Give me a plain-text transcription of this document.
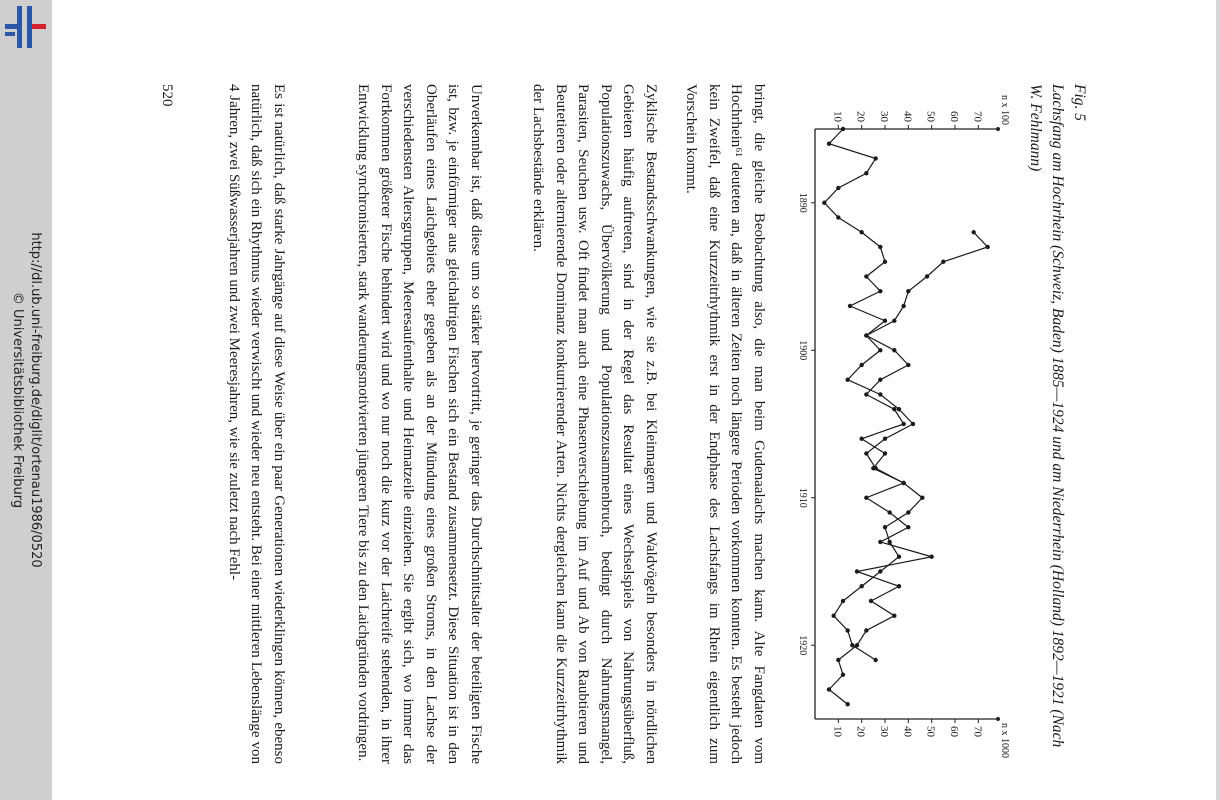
http://dl.ub.uni-freiburg.de/diglit/ortenau1986/0520
© Universitätsbibliothek Freiburg
Fig. 5
Lachsfang am Hochrhein (Schweiz, Baden) 1885—1924 und am Niederrhein (Holland) 1892—1921 (Nach W. Fehlmann)
n x 100
n x 1000
10
10
20
20
30
30
40
40
50
50
60
60
70
70
1890
1900
1910
1920

bringt, die gleiche Beobachtung also, die man beim Gudenaalachs machen kann. Alte Fangdaten vom Hochrhein⁶¹ deuteten an, daß in älteren Zeiten noch längere Perioden vorkommen konnten. Es besteht jedoch kein Zweifel, daß eine Kurzzeitrhythmik erst in der Endphase des Lachsfangs im Rhein eigentlich zum Vorschein kommt.

Zyklische Bestandsschwankungen, wie sie z.B. bei Kleinnagern und Waldvögeln besonders in nördlichen Gebieten häufig auftreten, sind in der Regel das Resultat eines Wechselspiels von Nahrungsüberfluß, Populationszuwachs, Übervölkerung und Populationszusammenbruch, bedingt durch Nahrungsmangel, Parasiten, Seuchen usw. Oft findet man auch eine Phasenverschiebung im Auf und Ab von Raubtieren und Beutetieren oder alternierende Dominanz konkurrierender Arten. Nichts dergleichen kann die Kurzzeitrhythmik der Lachsbestände erklären.

Unverkennbar ist, daß diese um so stärker hervortritt, je geringer das Durchschnittsalter der beteiligten Fische ist, bzw. je einförmiger aus gleichaltrigen Fischen sich ein Bestand zusammensetzt. Diese Situation ist in den Oberläufen eines Laichgebiets eher gegeben als an der Mündung eines großen Stroms, in den Lachse der verschiedensten Altersgruppen, Meeresaufenthalte und Heimatzeile einziehen. Sie ergibt sich, wo immer das Fortkommen größerer Fische behindert wird und wo nur noch die kurz vor der Laichreife stehenden, in ihrer Entwicklung synchronisierten, stark wanderungsmotivierten jüngeren Tiere bis zu den Laichgründen vordringen.

Es ist natürlich, daß starke Jahrgänge auf diese Weise über ein paar Generationen wiederklingen können, ebenso natürlich, daß sich ein Rhythmus wieder verwischt und wieder neu entsteht. Bei einer mittleren Lebenslänge von 4 Jahren, zwei Süßwasserjahren und zwei Meeresjahren, wie sie zuletzt nach Fehl-

520
